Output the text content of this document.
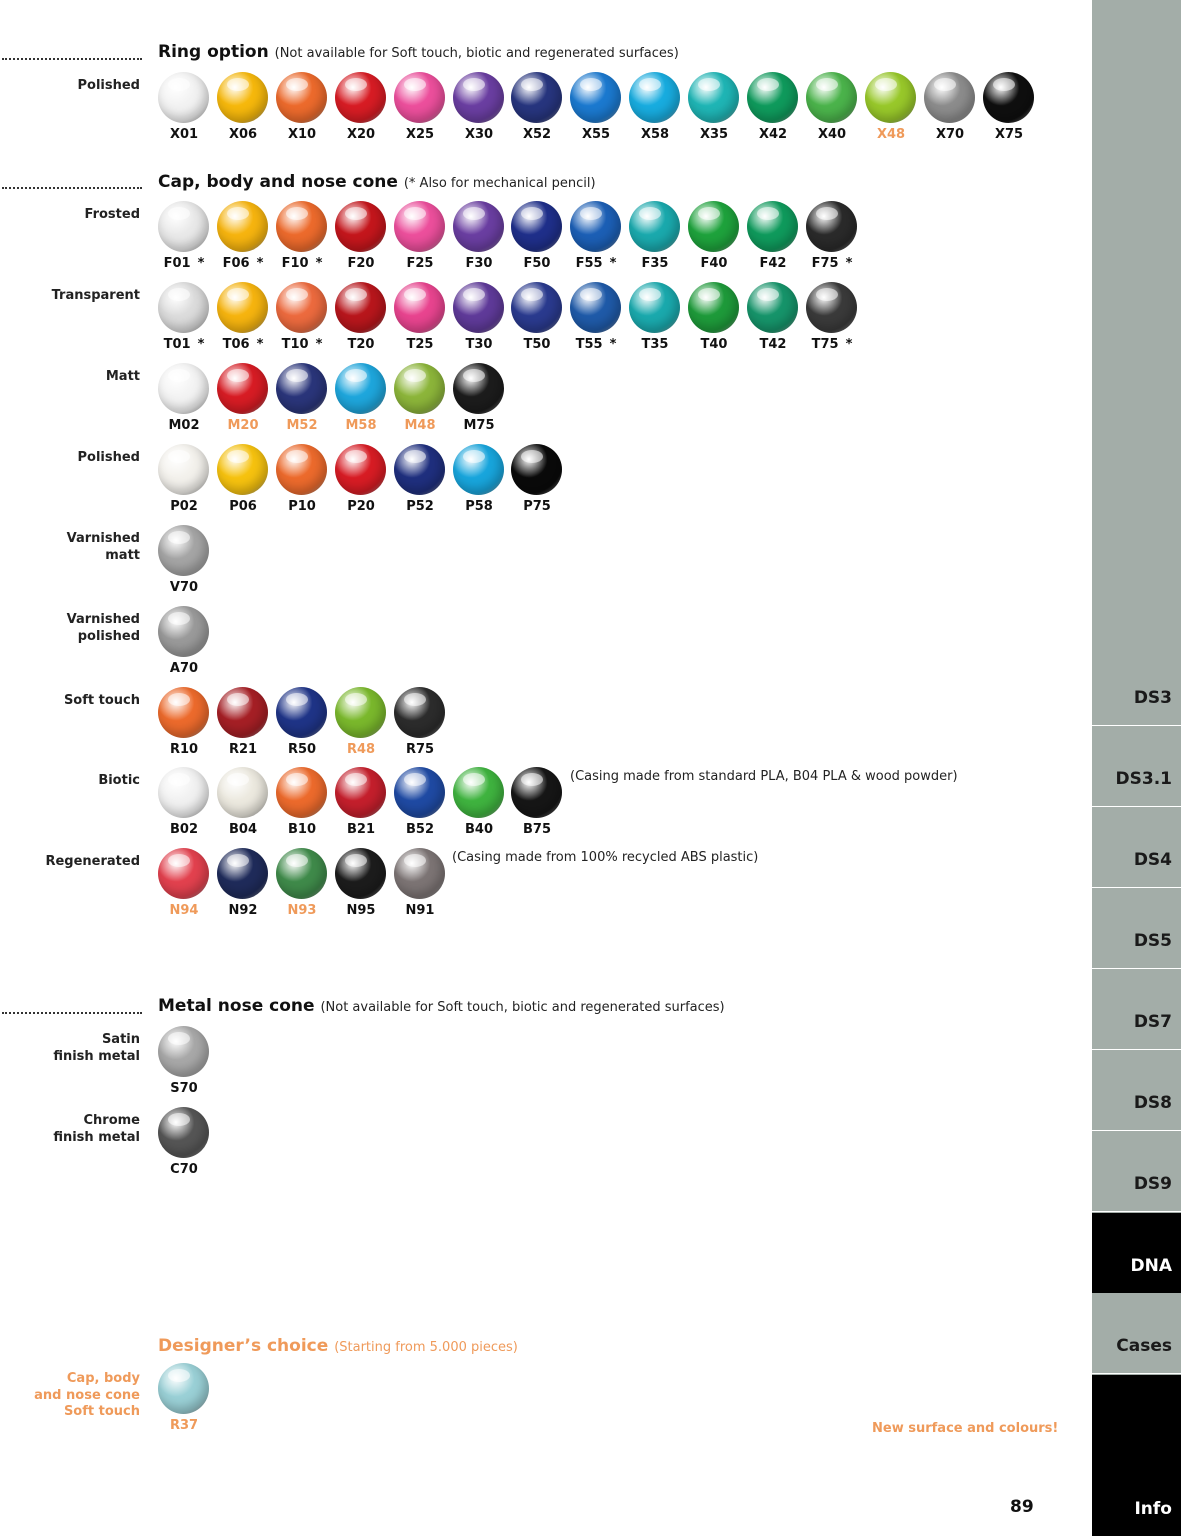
Ring option (Not available for Soft touch, biotic and regenerated surfaces)
Cap, body and nose cone (* Also for mechanical pencil)
Metal nose cone (Not available for Soft touch, biotic and regenerated surfaces)
Designer’s choice (Starting from 5.000 pieces)
Polished
X01	X06	X10	X20	X25	X30	X52	X55	X58	X35	X42	X40	X48	X70	X75
Frosted
F01 *	F06 *	F10 *	F20	F25	F30	F50	F55 *	F35	F40	F42	F75 *
Transparent
T01 *	T06 *	T10 *	T20	T25	T30	T50	T55 *	T35	T40	T42	T75 *
Matt
M02	M20	M52	M58	M48	M75
Polished
P02	P06	P10	P20	P52	P58	P75
Varnished
matt
V70
Varnished
polished
A70
Soft touch
R10	R21	R50	R48	R75
Biotic
B02	B04	B10	B21	B52	B40	B75
(Casing made from standard PLA, B04 PLA & wood powder)
Regenerated
N94	N92	N93	N95	N91
(Casing made from 100% recycled ABS plastic)
Satin
finish metal
S70
Chrome
finish metal
C70
Cap, body
and nose cone
Soft touch
R37	New surface and colours!
89
DS3
DS3.1
DS4
DS5
DS7
DS8
DS9
DNA
Cases
Info
